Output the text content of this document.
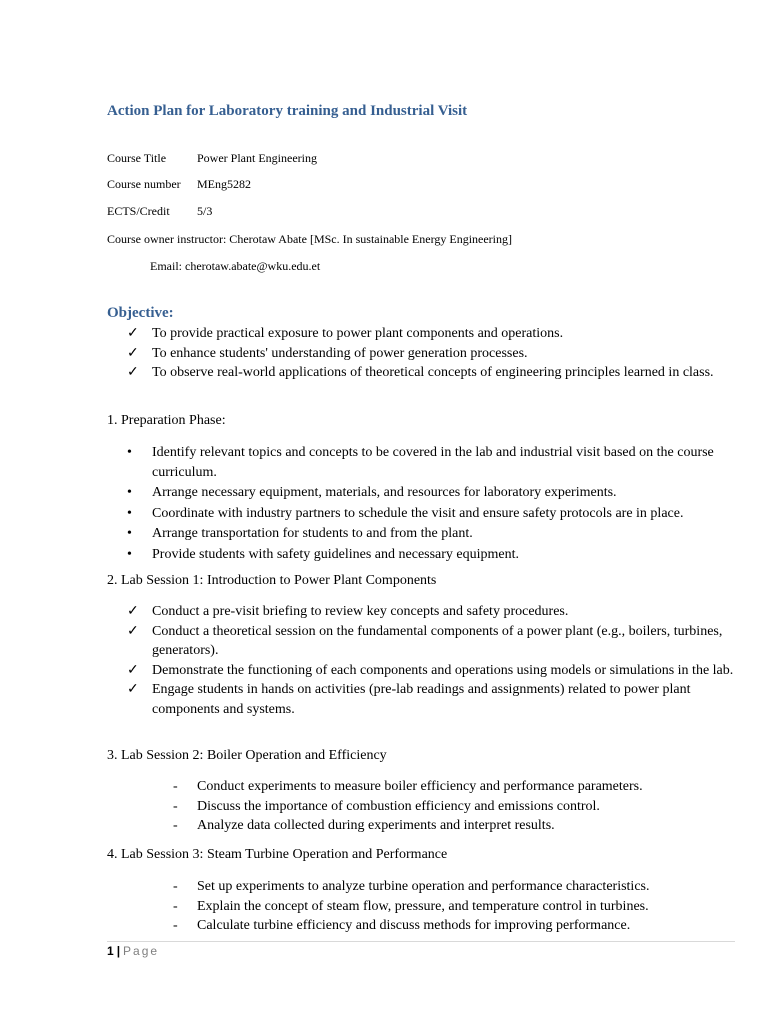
Action Plan for Laboratory training and Industrial Visit
Course Title	Power Plant Engineering
Course number MEng5282
ECTS/Credit 5/3
Course owner instructor: Cherotaw Abate [MSc. In sustainable Energy Engineering]
Email: cherotaw.abate@wku.edu.et
Objective:
✓ To provide practical exposure to power plant components and operations.
✓ To enhance students' understanding of power generation processes.
✓ To observe real-world applications of theoretical concepts of engineering principles learned in class.
1. Preparation Phase:
•	Identify relevant topics and concepts to be covered in the lab and industrial visit based on the course curriculum.
•	Arrange necessary equipment, materials, and resources for laboratory experiments.
•	Coordinate with industry partners to schedule the visit and ensure safety protocols are in place.
•	Arrange transportation for students to and from the plant.
•	Provide students with safety guidelines and necessary equipment.
2. Lab Session 1: Introduction to Power Plant Components
✓ Conduct a pre-visit briefing to review key concepts and safety procedures.
✓ Conduct a theoretical session on the fundamental components of a power plant (e.g., boilers, turbines, generators).
✓ Demonstrate the functioning of each components and operations using models or simulations in the lab.
✓ Engage students in hands on activities (pre-lab readings and assignments) related to power plant components and systems.
3. Lab Session 2: Boiler Operation and Efficiency
-	Conduct experiments to measure boiler efficiency and performance parameters.
-	Discuss the importance of combustion efficiency and emissions control.
-	Analyze data collected during experiments and interpret results.
4. Lab Session 3: Steam Turbine Operation and Performance
-	Set up experiments to analyze turbine operation and performance characteristics.
-	Explain the concept of steam flow, pressure, and temperature control in turbines.
-	Calculate turbine efficiency and discuss methods for improving performance.
1 | Page
